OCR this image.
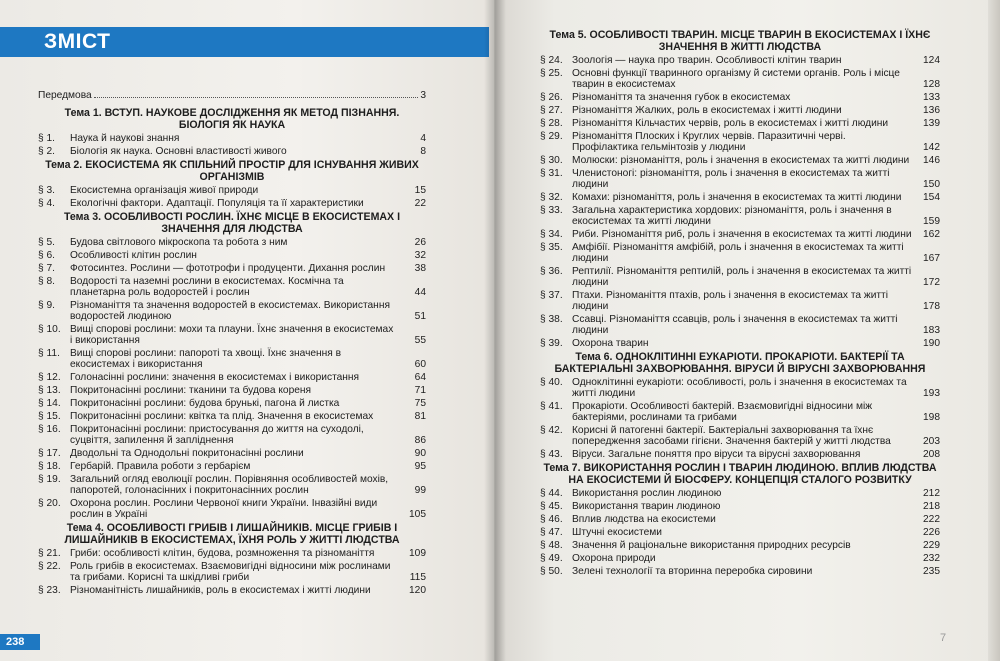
ЗМІСТ
Передмова	3
Тема 1. ВСТУП. НАУКОВЕ ДОСЛІДЖЕННЯ ЯК МЕТОД ПІЗНАННЯ. БІОЛОГІЯ ЯК НАУКА
§ 1.	Наука й наукові знання	4
§ 2.	Біологія як наука. Основні властивості живого	8
Тема 2. ЕКОСИСТЕМА ЯК СПІЛЬНИЙ ПРОСТІР ДЛЯ ІСНУВАННЯ ЖИВИХ ОРГАНІЗМІВ
§ 3.	Екосистемна організація живої природи	15
§ 4.	Екологічні фактори. Адаптації. Популяція та її характеристики	22
Тема 3. ОСОБЛИВОСТІ РОСЛИН. ЇХНЄ МІСЦЕ В ЕКОСИСТЕМАХ І ЗНАЧЕННЯ ДЛЯ ЛЮДСТВА
§ 5.	Будова світлового мікроскопа та робота з ним	26
§ 6.	Особливості клітин рослин	32
§ 7.	Фотосинтез. Рослини — фототрофи і продуценти. Дихання рослин	38
§ 8.	Водорості та наземні рослини в екосистемах. Космічна та планетарна роль водоростей і рослин	44
§ 9.	Різноманіття та значення водоростей в екосистемах. Використання водоростей людиною	51
§ 10. Вищі спорові рослини: мохи та плауни. Їхнє значення в екосистемах і використання	55
§ 11. Вищі спорові рослини: папороті та хвощі. Їхнє значення в екосистемах і використання	60
§ 12. Голонасінні рослини: значення в екосистемах і використання	64
§ 13. Покритонасінні рослини: тканини та будова кореня	71
§ 14. Покритонасінні рослини: будова брунькі, пагона й листка	75
§ 15. Покритонасінні рослини: квітка та плід. Значення в екосистемах	81
§ 16. Покритонасінні рослини: пристосування до життя на суходолі, суцвіття, запилення й запліднення	86
§ 17. Дводольні та Однодольні покритонасінні рослини	90
§ 18. Гербарій. Правила роботи з гербарієм	95
§ 19. Загальний огляд еволюції рослин. Порівняння особливостей мохів, папоротей, голонасінних і покритонасінних рослин	99
§ 20. Охорона рослин. Рослини Червоної книги України. Інвазійні види рослин в Україні	105
Тема 4. ОСОБЛИВОСТІ ГРИБІВ І ЛИШАЙНИКІВ. МІСЦЕ ГРИБІВ І ЛИШАЙНИКІВ В ЕКОСИСТЕМАХ, ЇХНЯ РОЛЬ У ЖИТТІ ЛЮДСТВА
§ 21. Гриби: особливості клітин, будова, розмноження та різноманіття	109
§ 22. Роль грибів в екосистемах. Взаємовигідні відносини між рослинами та грибами. Корисні та шкідливі гриби	115
§ 23. Різноманітність лишайників, роль в екосистемах і житті людини	120
238
Тема 5. ОСОБЛИВОСТІ ТВАРИН. МІСЦЕ ТВАРИН В ЕКОСИСТЕМАХ І ЇХНЄ ЗНАЧЕННЯ В ЖИТТІ ЛЮДСТВА
§ 24. Зоологія — наука про тварин. Особливості клітин тварин	124
§ 25. Основні функції тваринного організму й системи органів. Роль і місце тварин в екосистемах	128
§ 26. Різноманіття та значення губок в екосистемах	133
§ 27. Різноманіття Жалких, роль в екосистемах і житті людини	136
§ 28. Різноманіття Кільчастих червів, роль в екосистемах і житті людини	139
§ 29. Різноманіття Плоских і Круглих червів. Паразитичні черві. Профілактика гельмінтозів у людини	142
§ 30. Молюски: різноманіття, роль і значення в екосистемах та житті людини	146
§ 31. Членистоногі: різноманіття, роль і значення в екосистемах та житті людини	150
§ 32. Комахи: різноманіття, роль і значення в екосистемах та житті людини	154
§ 33. Загальна характеристика хордових: різноманіття, роль і значення в екосистемах та житті людини	159
§ 34. Риби. Різноманіття риб, роль і значення в екосистемах та житті людини	162
§ 35. Амфібії. Різноманіття амфібій, роль і значення в екосистемах та житті людини	167
§ 36. Рептилії. Різноманіття рептилій, роль і значення в екосистемах та житті людини	172
§ 37. Птахи. Різноманіття птахів, роль і значення в екосистемах та житті людини	178
§ 38. Ссавці. Різноманіття ссавців, роль і значення в екосистемах та житті людини	183
§ 39. Охорона тварин	190
Тема 6. ОДНОКЛІТИННІ ЕУКАРІОТИ. ПРОКАРІОТИ. БАКТЕРІЇ ТА БАКТЕРІАЛЬНІ ЗАХВОРЮВАННЯ. ВІРУСИ Й ВІРУСНІ ЗАХВОРЮВАННЯ
§ 40. Одноклітинні еукаріоти: особливості, роль і значення в екосистемах та житті людини	193
§ 41. Прокаріоти. Особливості бактерій. Взаємовигідні відносини між бактеріями, рослинами та грибами	198
§ 42. Корисні й патогенні бактерії. Бактеріальні захворювання та їхнє попередження засобами гігієни. Значення бактерій у житті людства	203
§ 43. Віруси. Загальне поняття про віруси та вірусні захворювання	208
Тема 7. ВИКОРИСТАННЯ РОСЛИН І ТВАРИН ЛЮДИНОЮ. ВПЛИВ ЛЮДСТВА НА ЕКОСИСТЕМИ Й БІОСФЕРУ. КОНЦЕПЦІЯ СТАЛОГО РОЗВИТКУ
§ 44. Використання рослин людиною	212
§ 45. Використання тварин людиною	218
§ 46. Вплив людства на екосистеми	222
§ 47. Штучні екосистеми	226
§ 48. Значення й раціональне використання природних ресурсів	229
§ 49. Охорона природи	232
§ 50. Зелені технології та вторинна переробка сировини	235
7
